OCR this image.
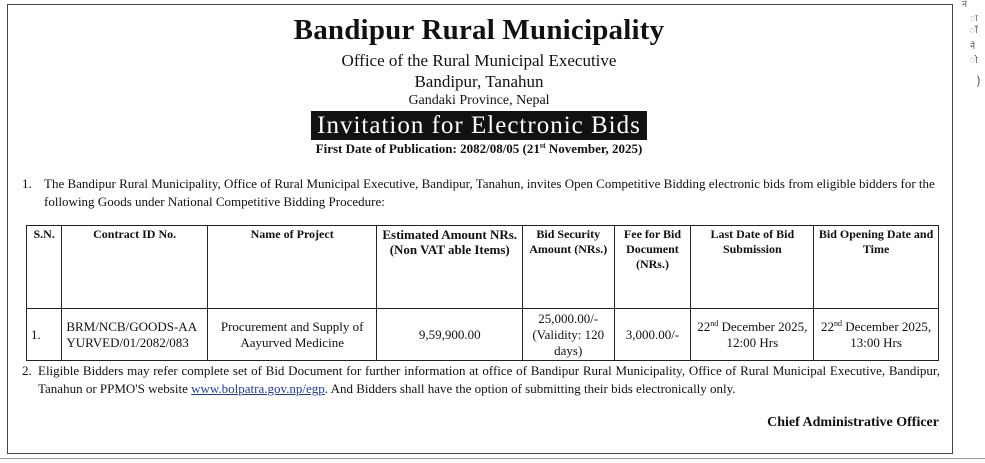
नं
ा
ाँ
ने
ो
)
Bandipur Rural Municipality
Office of the Rural Municipal Executive
Bandipur, Tanahun
Gandaki Province, Nepal
Invitation for Electronic Bids
First Date of Publication: 2082/08/05 (21st November, 2025)
1. The Bandipur Rural Municipality, Office of Rural Municipal Executive, Bandipur, Tanahun, invites Open Competitive Bidding electronic bids from eligible bidders for the following Goods under National Competitive Bidding Procedure:
S.N.	Contract ID No.	Name of Project	Estimated Amount NRs. (Non VAT able Items)	Bid Security Amount (NRs.)	Fee for Bid Document (NRs.)	Last Date of Bid Submission	Bid Opening Date and Time
1.	BRM/NCB/GOODS-AAYURVED/01/2082/083	Procurement and Supply of Aayurved Medicine	9,59,900.00	25,000.00/- (Validity: 120 days)	3,000.00/-	22nd December 2025, 12:00 Hrs	22nd December 2025, 13:00 Hrs
2. Eligible Bidders may refer complete set of Bid Document for further information at office of Bandipur Rural Municipality, Office of Rural Municipal Executive, Bandipur, Tanahun or PPMO'S website www.bolpatra.gov.np/egp. And Bidders shall have the option of submitting their bids electronically only.
Chief Administrative Officer
